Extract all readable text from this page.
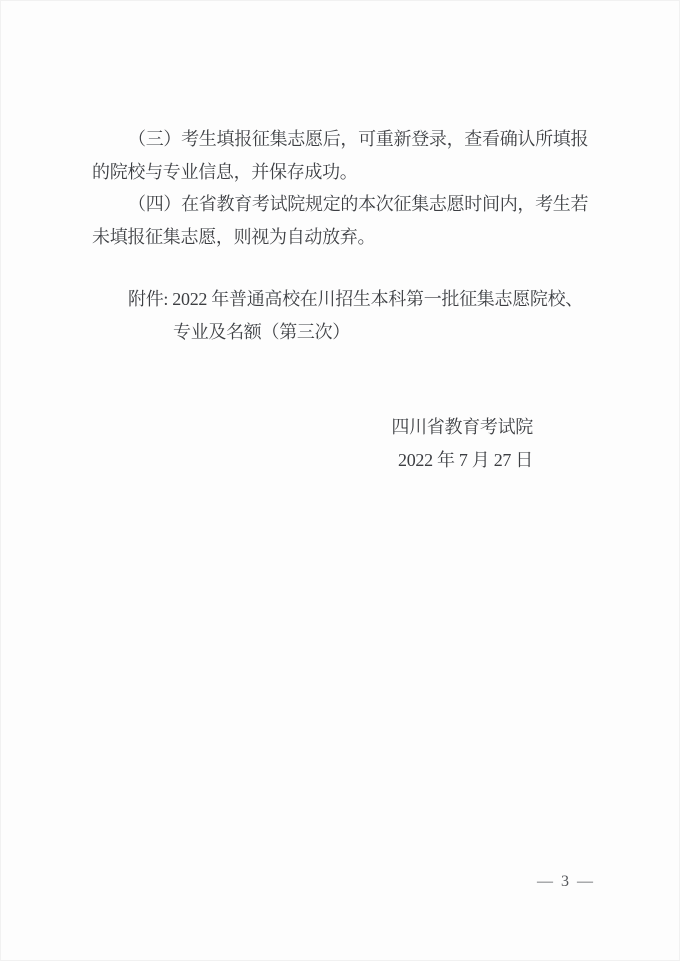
（三）考生填报征集志愿后，可重新登录，查看确认所填报
的院校与专业信息，并保存成功。
（四）在省教育考试院规定的本次征集志愿时间内，考生若
未填报征集志愿，则视为自动放弃。
附件: 2022 年普通高校在川招生本科第一批征集志愿院校、
专业及名额（第三次）
四川省教育考试院
2022 年 7 月 27 日
— 3 —
